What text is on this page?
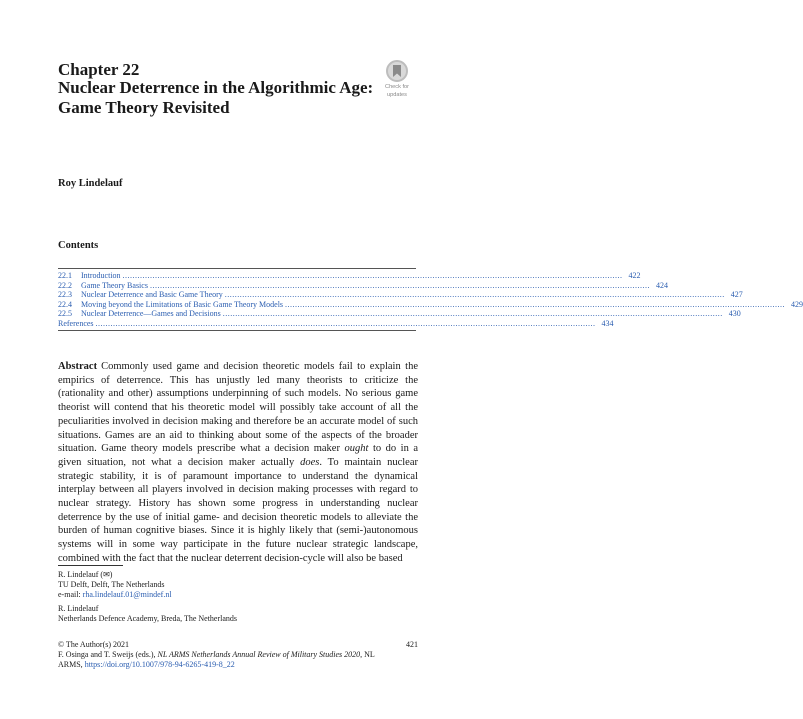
Chapter 22
Nuclear Deterrence in the Algorithmic Age: Game Theory Revisited
Check for
updates
Roy Lindelauf
Contents
22.1	Introduction ........................................................................................................................................................................................................ 422
22.2	Game Theory Basics ........................................................................................................................................................................................................ 424
22.3	Nuclear Deterrence and Basic Game Theory ........................................................................................................................................................................................................ 427
22.4	Moving beyond the Limitations of Basic Game Theory Models ........................................................................................................................................................................................................ 429
22.5	Nuclear Deterrence—Games and Decisions ........................................................................................................................................................................................................ 430
References ........................................................................................................................................................................................................ 434
Abstract Commonly used game and decision theoretic models fail to explain the empirics of deterrence. This has unjustly led many theorists to criticize the (rationality and other) assumptions underpinning of such models. No serious game theorist will contend that his theoretic model will possibly take account of all the peculiarities involved in decision making and therefore be an accurate model of such situations. Games are an aid to thinking about some of the aspects of the broader situation. Game theory models prescribe what a decision maker ought to do in a given situation, not what a decision maker actually does. To maintain nuclear strategic stability, it is of paramount importance to understand the dynamical interplay between all players involved in decision making processes with regard to nuclear strategy. History has shown some progress in understanding nuclear deterrence by the use of initial game- and decision theoretic models to alleviate the burden of human cognitive biases. Since it is highly likely that (semi-)autonomous systems will in some way participate in the future nuclear strategic landscape, combined with the fact that the nuclear deterrent decision-cycle will also be based
R. Lindelauf (✉)
TU Delft, Delft, The Netherlands
e-mail: rha.lindelauf.01@mindef.nl
R. Lindelauf
Netherlands Defence Academy, Breda, The Netherlands
© The Author(s) 2021
F. Osinga and T. Sweijs (eds.), NL ARMS Netherlands Annual Review of Military Studies 2020, NL ARMS, https://doi.org/10.1007/978-94-6265-419-8_22
421
